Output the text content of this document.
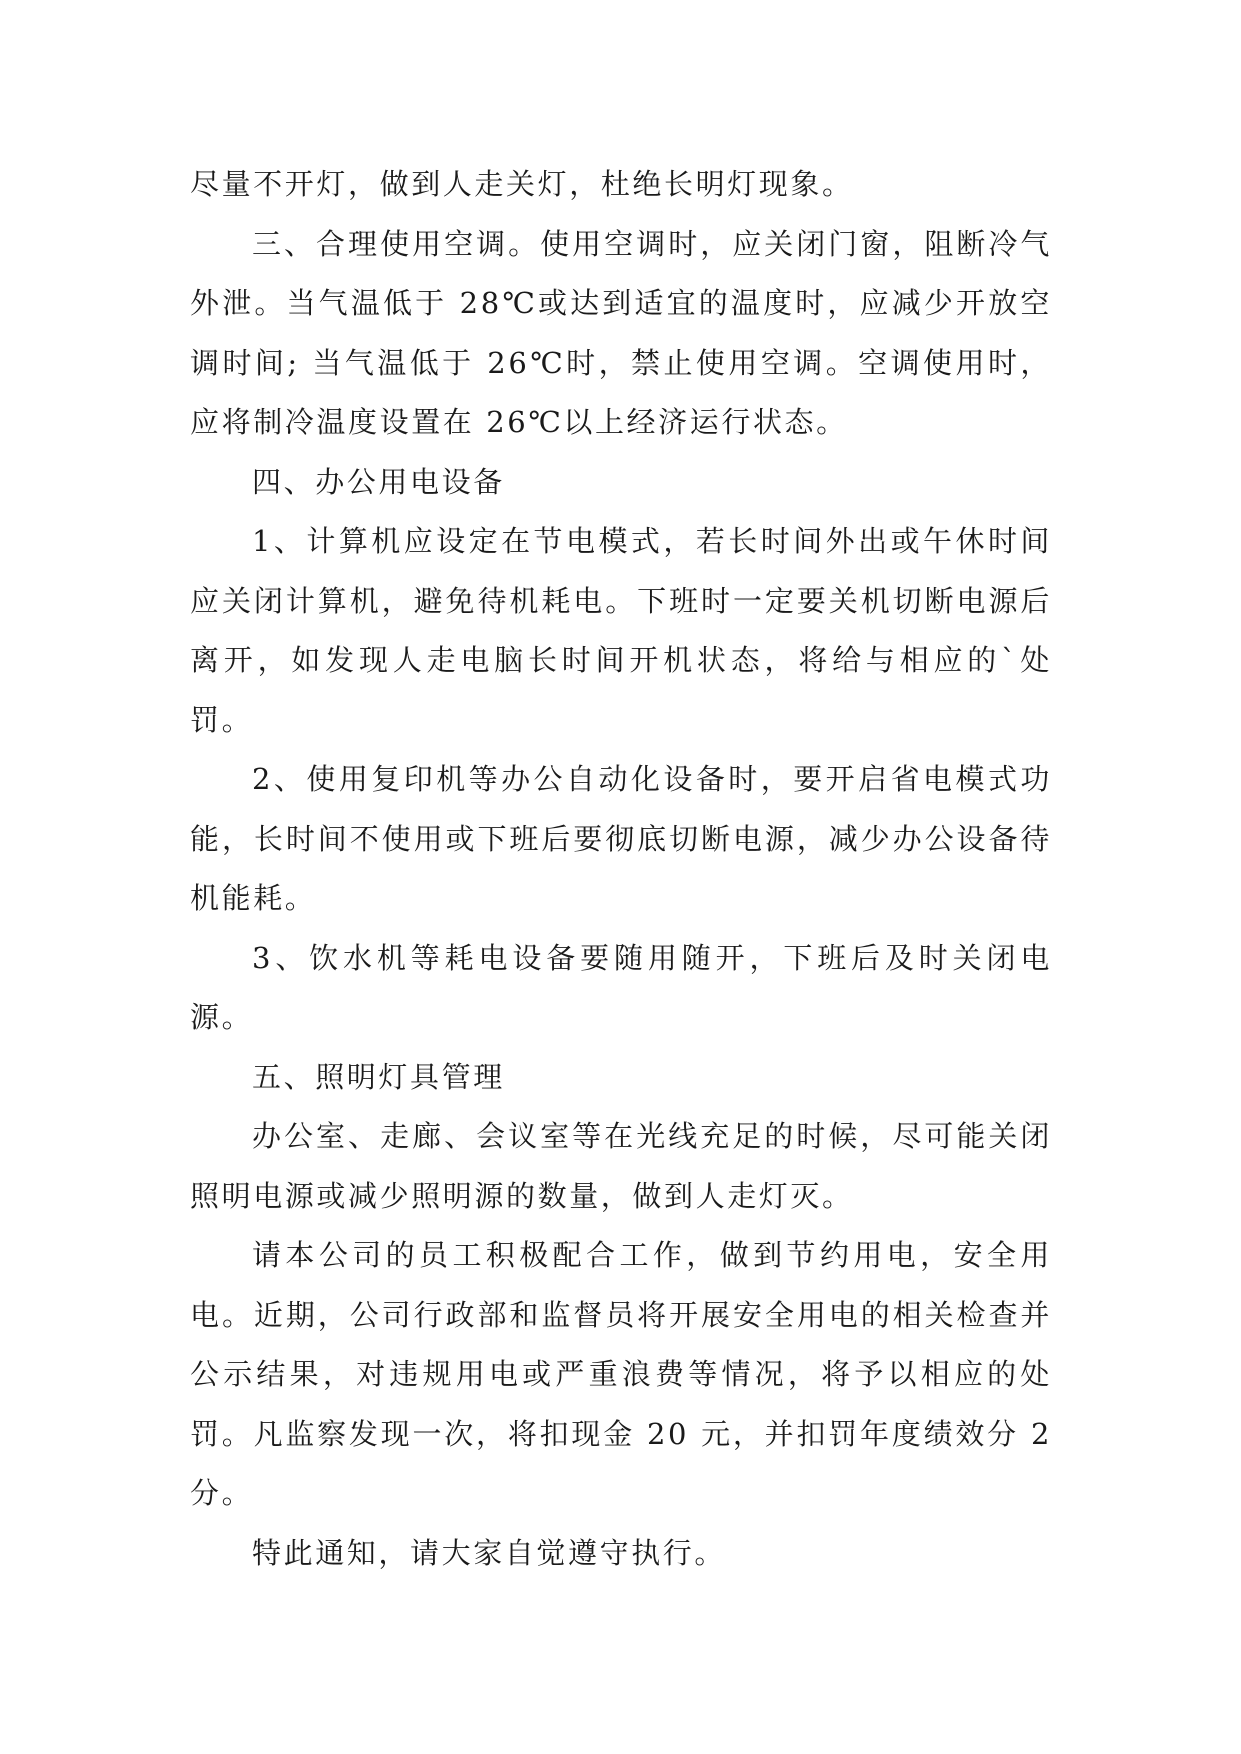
尽量不开灯，做到人走关灯，杜绝长明灯现象。

三、合理使用空调。使用空调时，应关闭门窗，阻断冷气外泄。当气温低于 28℃或达到适宜的温度时，应减少开放空调时间; 当气温低于 26℃时，禁止使用空调。空调使用时，应将制冷温度设置在 26℃以上经济运行状态。

四、办公用电设备

1、计算机应设定在节电模式，若长时间外出或午休时间应关闭计算机，避免待机耗电。下班时一定要关机切断电源后离开，如发现人走电脑长时间开机状态，将给与相应的`处罚。

2、使用复印机等办公自动化设备时，要开启省电模式功能，长时间不使用或下班后要彻底切断电源，减少办公设备待机能耗。

3、饮水机等耗电设备要随用随开，下班后及时关闭电源。

五、照明灯具管理

办公室、走廊、会议室等在光线充足的时候，尽可能关闭照明电源或减少照明源的数量，做到人走灯灭。

请本公司的员工积极配合工作，做到节约用电，安全用电。近期，公司行政部和监督员将开展安全用电的相关检查并公示结果，对违规用电或严重浪费等情况，将予以相应的处罚。凡监察发现一次，将扣现金 20 元，并扣罚年度绩效分 2 分。

特此通知，请大家自觉遵守执行。
